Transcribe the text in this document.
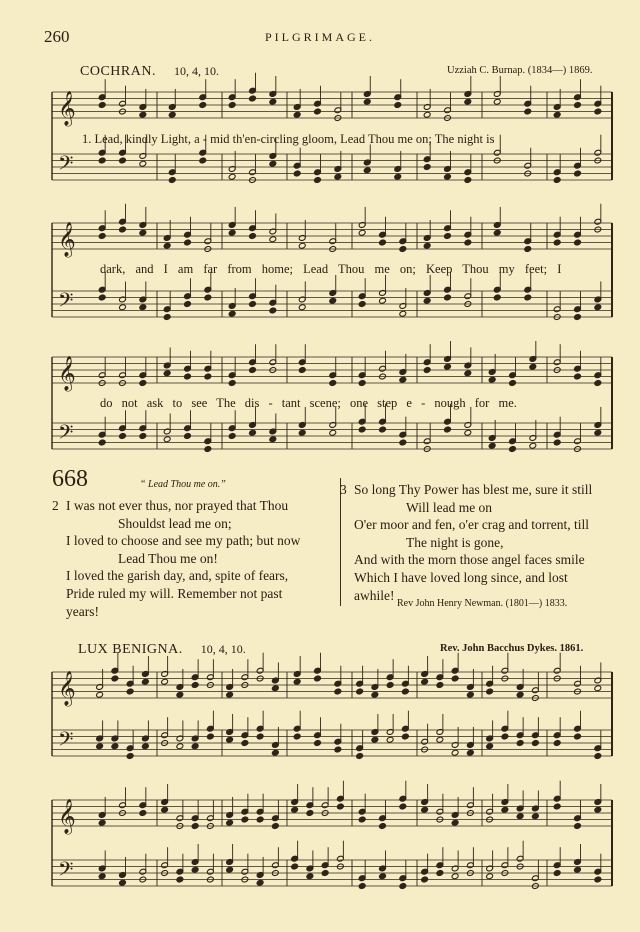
260	PILGRIMAGE.
COCHRAN. 10, 4, 10.	Uzziah C. Burnap. (1834—) 1869.
𝄞
𝄢
𝄞
𝄢
𝄞
𝄢
𝄞
𝄢
𝄞
𝄢
1. Lead, kindly Light, a - mid th'en-circling gloom, Lead Thou me on; The night is
dark, and I am far from home; Lead Thou me on; Keep Thou my feet; I
do not ask to see The dis - tant scene; one step e - nough for me.
668	“ Lead Thou me on.”
2 I was not ever thus, nor prayed that Thou
Shouldst lead me on;
I loved to choose and see my path; but now
Lead Thou me on!
I loved the garish day, and, spite of fears,
Pride ruled my will. Remember not past
years!
3 So long Thy Power has blest me, sure it still
Will lead me on
O'er moor and fen, o'er crag and torrent, till
The night is gone,
And with the morn those angel faces smile
Which I have loved long since, and lost
awhile!
Rev John Henry Newman. (1801—) 1833.
LUX BENIGNA. 10, 4, 10.	Rev. John Bacchus Dykes. 1861.
